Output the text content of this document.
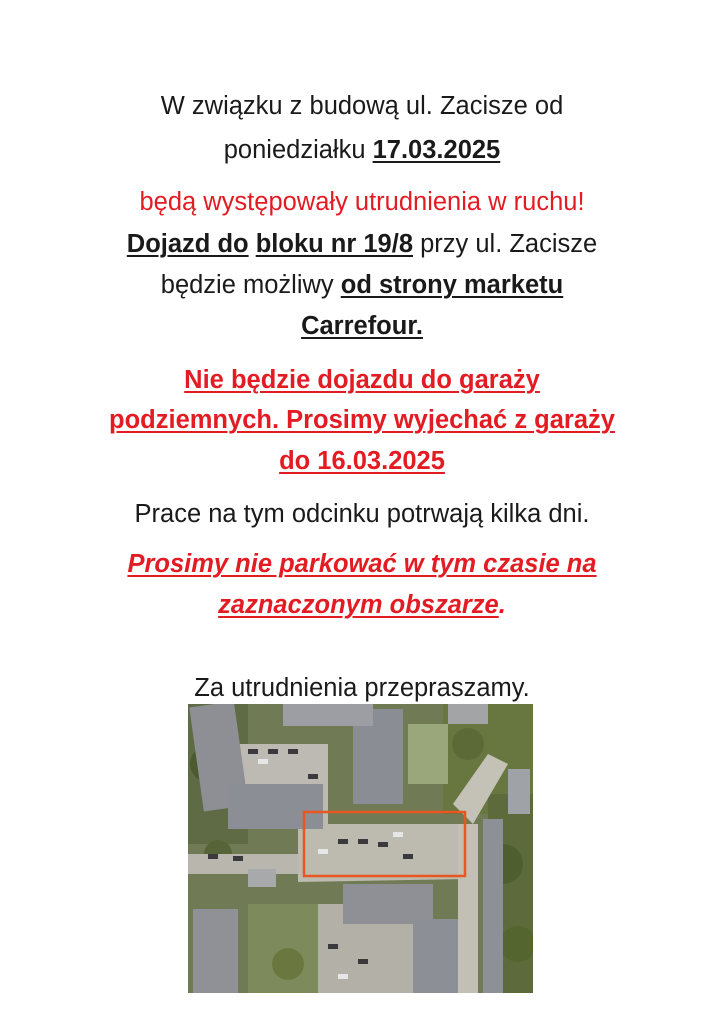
W związku z budową ul. Zacisze od
poniedziałku 17.03.2025
będą występowały utrudnienia w ruchu!
Dojazd do bloku nr 19/8 przy ul. Zacisze
będzie możliwy od strony marketu
Carrefour.
Nie będzie dojazdu do garaży
podziemnych. Prosimy wyjechać z garaży
do 16.03.2025
Prace na tym odcinku potrwają kilka dni.
Prosimy nie parkować w tym czasie na
zaznaczonym obszarze.
Za utrudnienia przepraszamy.
